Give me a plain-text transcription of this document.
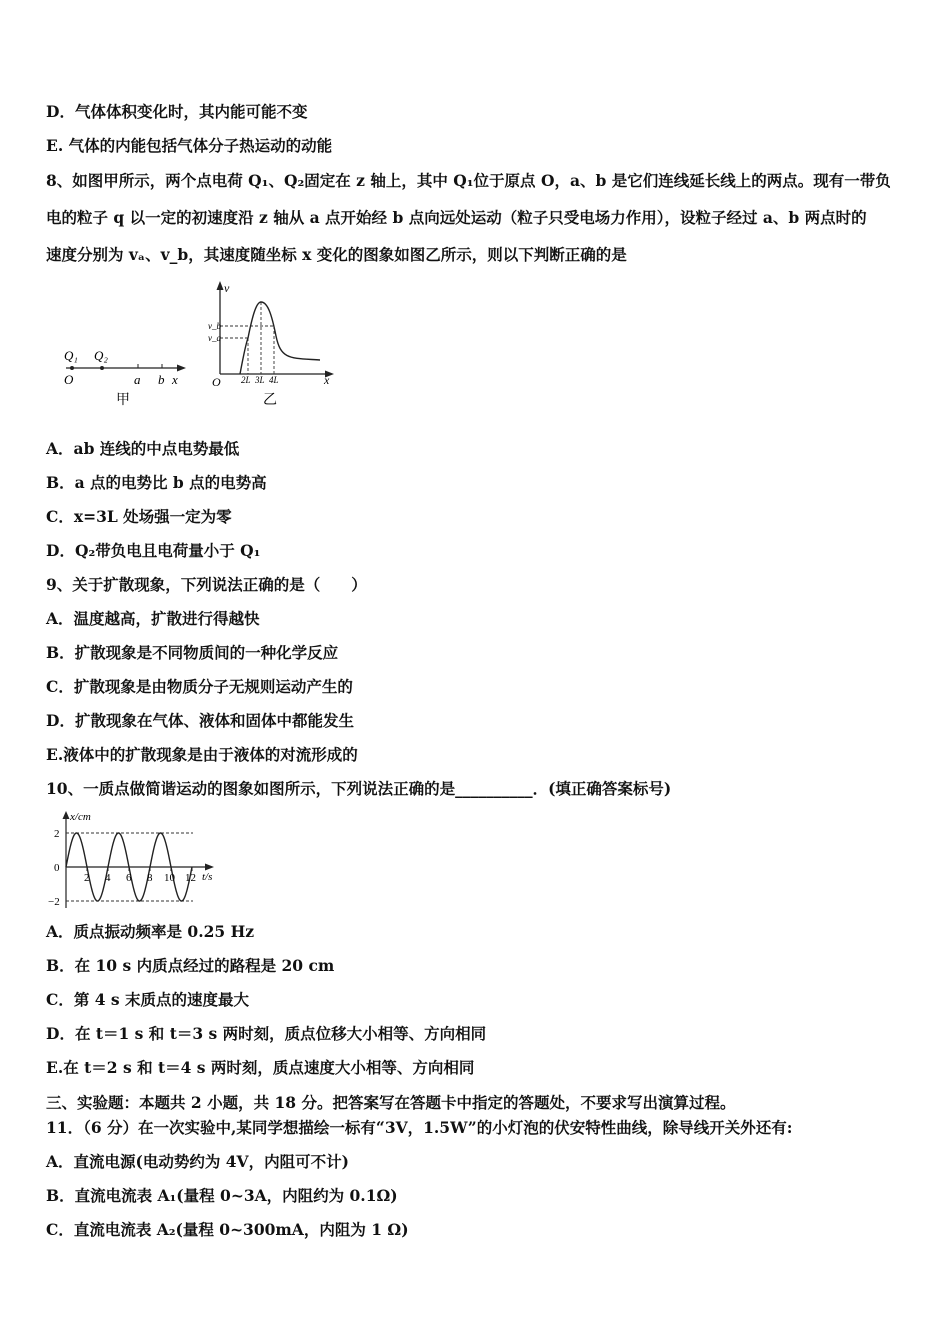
D．气体体积变化时，其内能可能不变
E. 气体的内能包括气体分子热运动的动能
8、如图甲所示，两个点电荷 Q₁、Q₂固定在 z 轴上，其中 Q₁位于原点 O，a、b 是它们连线延长线上的两点。现有一带负
电的粒子 q 以一定的初速度沿 z 轴从 a 点开始经 b 点向远处运动（粒子只受电场力作用），设粒子经过 a、b 两点时的
速度分别为 vₐ、v_b，其速度随坐标 x 变化的图象如图乙所示，则以下判断正确的是
Q₁ Q₂
O	a b x
甲
v
v_b
v_a
O 2L 3L 4L	x
乙
A．ab 连线的中点电势最低
B．a 点的电势比 b 点的电势高
C．x=3L 处场强一定为零
D．Q₂带负电且电荷量小于 Q₁
9、关于扩散现象，下列说法正确的是（　　）
A．温度越高，扩散进行得越快
B．扩散现象是不同物质间的一种化学反应
C．扩散现象是由物质分子无规则运动产生的
D．扩散现象在气体、液体和固体中都能发生
E.液体中的扩散现象是由于液体的对流形成的
10、一质点做简谐运动的图象如图所示，下列说法正确的是__________．(填正确答案标号)
x/cm
t/s
2
0
−2
2 4 6 8 10 12
A．质点振动频率是 0.25 Hz
B．在 10 s 内质点经过的路程是 20 cm
C．第 4 s 末质点的速度最大
D．在 t＝1 s 和 t＝3 s 两时刻，质点位移大小相等、方向相同
E.在 t＝2 s 和 t＝4 s 两时刻，质点速度大小相等、方向相同
三、实验题：本题共 2 小题，共 18 分。把答案写在答题卡中指定的答题处，不要求写出演算过程。
11．（6 分）在一次实验中,某同学想描绘一标有“3V，1.5W”的小灯泡的伏安特性曲线，除导线开关外还有:
A．直流电源(电动势约为 4V，内阻可不计)
B．直流电流表 A₁(量程 0~3A，内阻约为 0.1Ω)
C．直流电流表 A₂(量程 0~300mA，内阻为 1 Ω)
